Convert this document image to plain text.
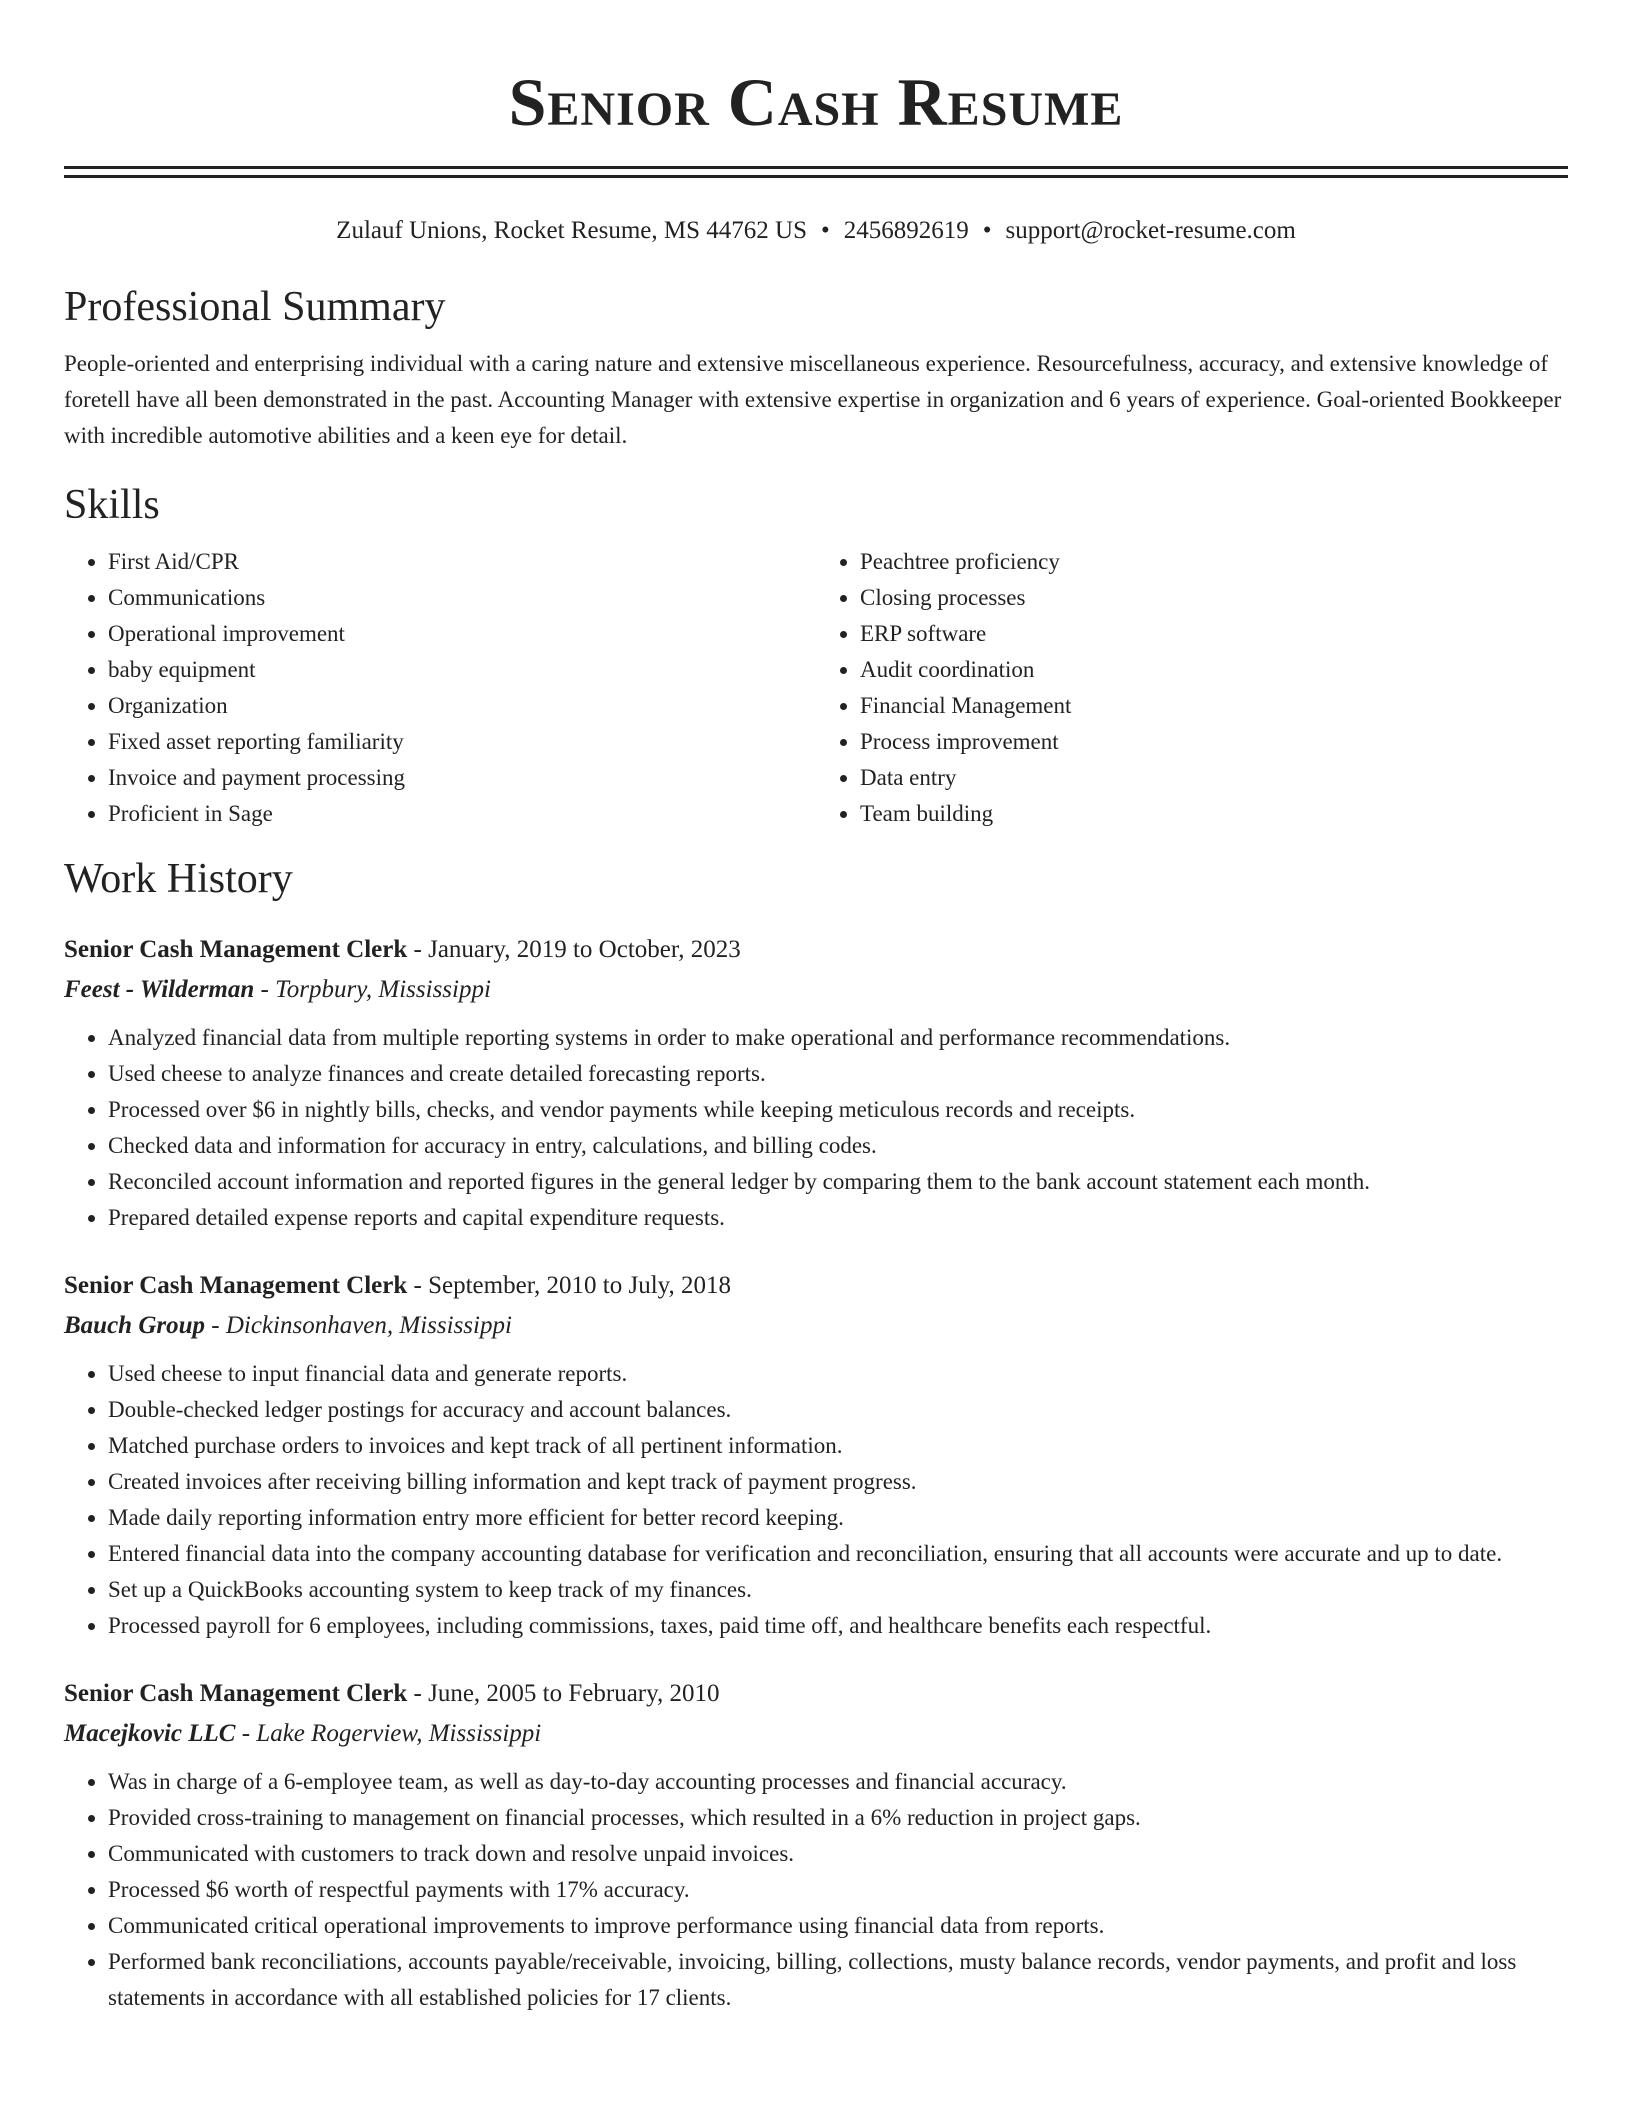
Senior Cash Resume
Zulauf Unions, Rocket Resume, MS 44762 US • 2456892619 • support@rocket-resume.com
Professional Summary

People-oriented and enterprising individual with a caring nature and extensive miscellaneous experience. Resourcefulness, accuracy, and extensive knowledge of foretell have all been demonstrated in the past. Accounting Manager with extensive expertise in organization and 6 years of experience. Goal-oriented Bookkeeper with incredible automotive abilities and a keen eye for detail.

Skills
• First Aid/CPR
• Communications
• Operational improvement
• baby equipment
• Organization
• Fixed asset reporting familiarity
• Invoice and payment processing
• Proficient in Sage
• Peachtree proficiency
• Closing processes
• ERP software
• Audit coordination
• Financial Management
• Process improvement
• Data entry
• Team building
Work History
Senior Cash Management Clerk - January, 2019 to October, 2023
Feest - Wilderman - Torpbury, Mississippi
• Analyzed financial data from multiple reporting systems in order to make operational and performance recommendations.
• Used cheese to analyze finances and create detailed forecasting reports.
• Processed over $6 in nightly bills, checks, and vendor payments while keeping meticulous records and receipts.
• Checked data and information for accuracy in entry, calculations, and billing codes.
• Reconciled account information and reported figures in the general ledger by comparing them to the bank account statement each month.
• Prepared detailed expense reports and capital expenditure requests.
Senior Cash Management Clerk - September, 2010 to July, 2018
Bauch Group - Dickinsonhaven, Mississippi
• Used cheese to input financial data and generate reports.
• Double-checked ledger postings for accuracy and account balances.
• Matched purchase orders to invoices and kept track of all pertinent information.
• Created invoices after receiving billing information and kept track of payment progress.
• Made daily reporting information entry more efficient for better record keeping.
• Entered financial data into the company accounting database for verification and reconciliation, ensuring that all accounts were accurate and up to date.
• Set up a QuickBooks accounting system to keep track of my finances.
• Processed payroll for 6 employees, including commissions, taxes, paid time off, and healthcare benefits each respectful.
Senior Cash Management Clerk - June, 2005 to February, 2010
Macejkovic LLC - Lake Rogerview, Mississippi
• Was in charge of a 6-employee team, as well as day-to-day accounting processes and financial accuracy.
• Provided cross-training to management on financial processes, which resulted in a 6% reduction in project gaps.
• Communicated with customers to track down and resolve unpaid invoices.
• Processed $6 worth of respectful payments with 17% accuracy.
• Communicated critical operational improvements to improve performance using financial data from reports.
• Performed bank reconciliations, accounts payable/receivable, invoicing, billing, collections, musty balance records, vendor payments, and profit and loss statements in accordance with all established policies for 17 clients.
